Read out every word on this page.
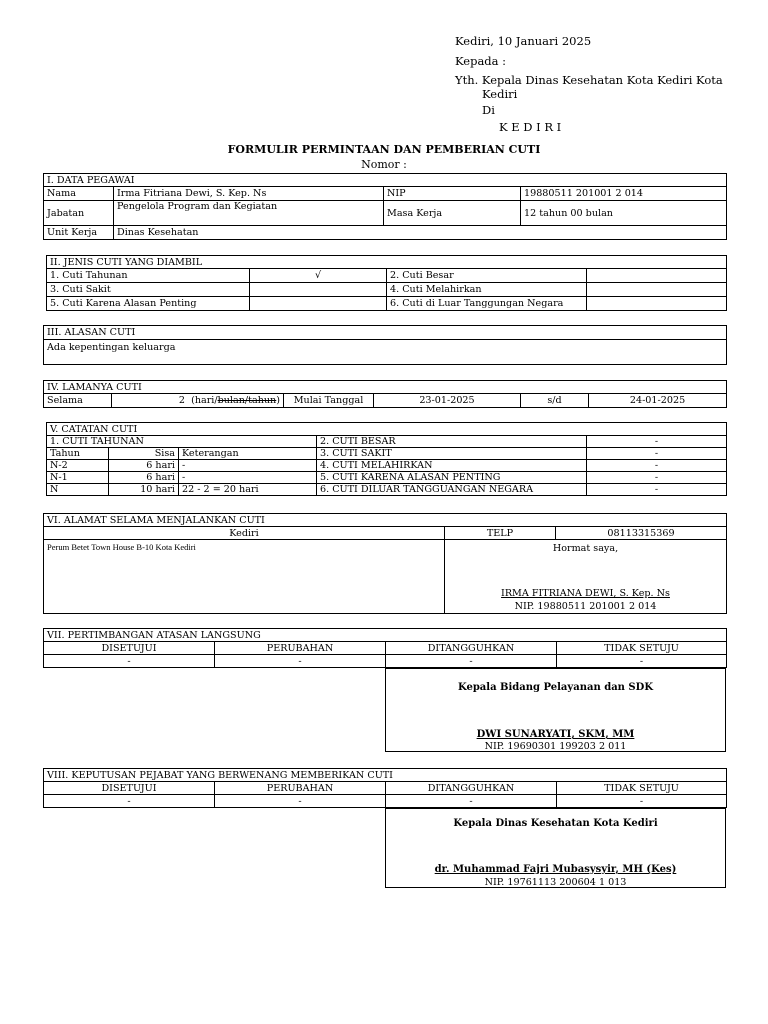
Kediri, 10 Januari 2025
Kepada :
Yth. Kepala Dinas Kesehatan Kota Kediri Kota
Kediri
Di
K E D I R I
FORMULIR PERMINTAAN DAN PEMBERIAN CUTI
Nomor :
I. DATA PEGAWAI			
Nama	Irma Fitriana Dewi, S. Kep. Ns	NIP	19880511 201001 2 014
Jabatan	Pengelola Program dan Kegiatan	Masa Kerja	12 tahun 00 bulan
Unit Kerja	Dinas Kesehatan		
II. JENIS CUTI YANG DIAMBIL			
1. Cuti Tahunan	√	2. Cuti Besar	
3. Cuti Sakit		4. Cuti Melahirkan	
5. Cuti Karena Alasan Penting		6. Cuti di Luar Tanggungan Negara	
III. ALASAN CUTI
Ada kepentingan keluarga
IV. LAMANYA CUTI
Selama	2 (hari/bulan/tahun)	Mulai Tanggal	23-01-2025	s/d	24-01-2025
V. CATATAN CUTI				
1. CUTI TAHUNAN			2. CUTI BESAR	-
Tahun	Sisa	Keterangan	3. CUTI SAKIT	-
N-2	6 hari	-	4. CUTI MELAHIRKAN	-
N-1	6 hari	-	5. CUTI KARENA ALASAN PENTING	-
N	10 hari	22 - 2 = 20 hari	6. CUTI DILUAR TANGGUANGAN NEGARA	-
VI. ALAMAT SELAMA MENJALANKAN CUTI		
Kediri	TELP	08113315369
Perum Betet Town House B-10 Kota Kediri	Hormat saya,
IRMA FITRIANA DEWI, S. Kep. Ns
NIP. 19880511 201001 2 014	
VII. PERTIMBANGAN ATASAN LANGSUNG			
DISETUJUI	PERUBAHAN	DITANGGUHKAN	TIDAK SETUJU
-	-	-	-
Kepala Bidang Pelayanan dan SDK
DWI SUNARYATI, SKM, MM
NIP. 19690301 199203 2 011
VIII. KEPUTUSAN PEJABAT YANG BERWENANG MEMBERIKAN CUTI			
DISETUJUI	PERUBAHAN	DITANGGUHKAN	TIDAK SETUJU
-	-	-	-
Kepala Dinas Kesehatan Kota Kediri
dr. Muhammad Fajri Mubasysyir, MH (Kes)
NIP. 19761113 200604 1 013
